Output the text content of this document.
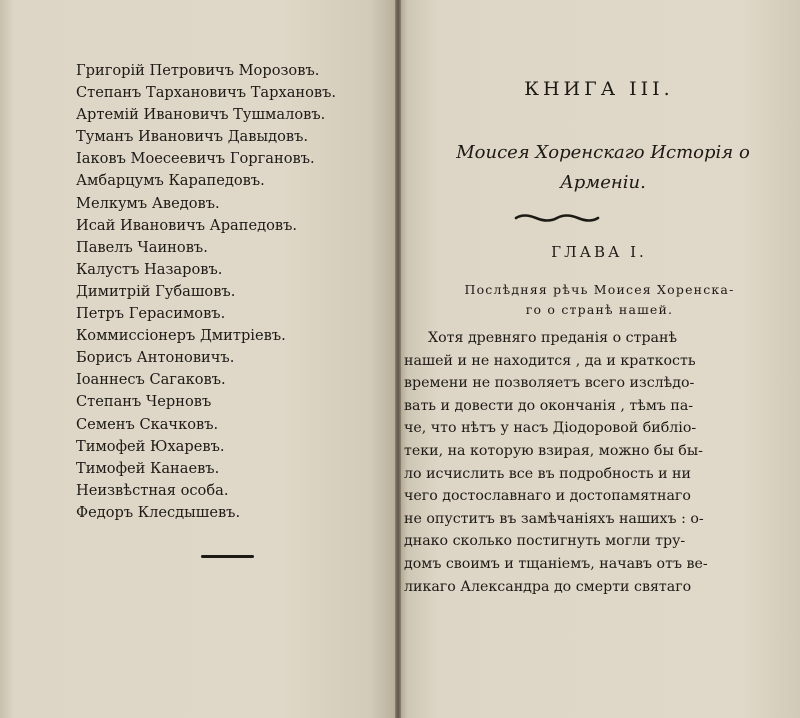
Григорій Петровичъ Морозовъ.
Степанъ Тархановичъ Тархановъ.
Артемій Ивановичъ Тушмаловъ.
Туманъ Ивановичъ Давыдовъ.
Іаковъ Моесеевичъ Горгановъ.
Амбарцумъ Карапедовъ.
Мелкумъ Аведовъ.
Исай Ивановичъ Арапедовъ.
Павелъ Чаиновъ.
Калустъ Назаровъ.
Димитрій Губашовъ.
Петръ Герасимовъ.
Коммиссіонеръ Дмитріевъ.
Борисъ Антоновичъ.
Іоаннесъ Сагаковъ.
Степанъ Черновъ
Семенъ Скачковъ.
Тимофей Юхаревъ.
Тимофей Канаевъ.
Неизвѣстная особа.
Федоръ Клесдышевъ.
КНИГА III.
Моисея Хоренскаго Исторія о
Арменіи.
ГЛАВА I.
Послѣдняя рѣчь Моисея Хоренска-
го о странѣ нашей.
Хотя древняго преданія о странѣ
нашей и не находится , да и краткость
времени не позволяетъ всего изслѣдо-
вать и довести до окончанія , тѣмъ па-
че, что нѣтъ у насъ Діодоровой библіо-
теки, на которую взирая, можно бы бы-
ло исчислить все въ подробность и ни
чего достославнаго и достопамятнаго
не опуститъ въ замѣчаніяхъ нашихъ : о-
днако сколько постигнуть могли тру-
домъ своимъ и тщаніемъ, начавъ отъ ве-
ликаго Александра до смерти святаго
